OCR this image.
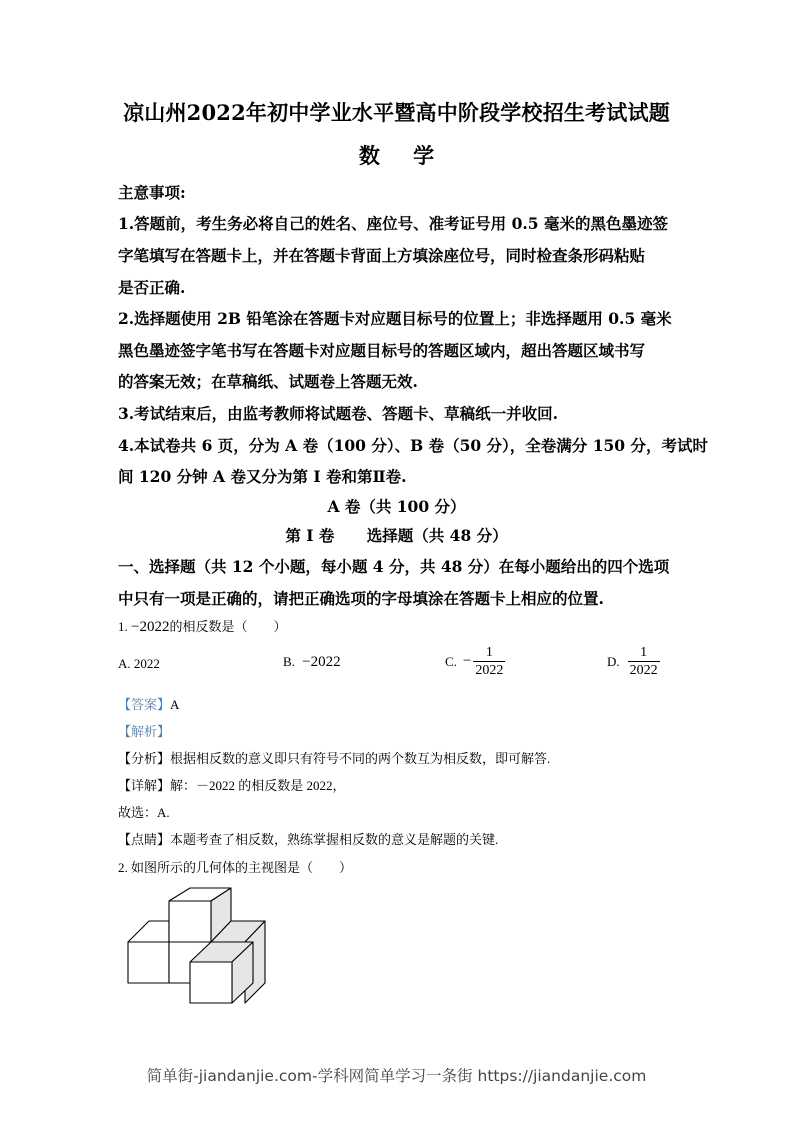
凉山州2022年初中学业水平暨高中阶段学校招生考试试题
数 学
主意事项:
1.答题前，考生务必将自己的姓名、座位号、准考证号用 0.5 毫米的黑色墨迹签
字笔填写在答题卡上，并在答题卡背面上方填涂座位号，同时检查条形码粘贴
是否正确.
2.选择题使用 2B 铅笔涂在答题卡对应题目标号的位置上；非选择题用 0.5 毫米
黑色墨迹签字笔书写在答题卡对应题目标号的答题区域内，超出答题区域书写
的答案无效；在草稿纸、试题卷上答题无效.
3.考试结束后，由监考教师将试题卷、答题卡、草稿纸一并收回.
4.本试卷共 6 页，分为 A 卷（100 分）、B 卷（50 分），全卷满分 150 分，考试时
间 120 分钟 A 卷又分为第 I 卷和第Ⅱ卷.
A 卷（共 100 分）
第 I 卷      选择题（共 48 分）
一、选择题（共 12 个小题，每小题 4 分，共 48 分）在每小题给出的四个选项
中只有一项是正确的，请把正确选项的字母填涂在答题卡上相应的位置.
1. −2022的相反数是（　　）
A. 2022	B. −2022	C. − $\frac{1}{2022}$	D. $\frac{1}{2022}$
【答案】A
【解析】
【分析】根据相反数的意义即只有符号不同的两个数互为相反数，即可解答.
【详解】解：－2022 的相反数是 2022，
故选：A.
【点睛】本题考查了相反数，熟练掌握相反数的意义是解题的关键.
2. 如图所示的几何体的主视图是（　　）
简单街-jiandanjie.com-学科网简单学习一条街 https://jiandanjie.com
